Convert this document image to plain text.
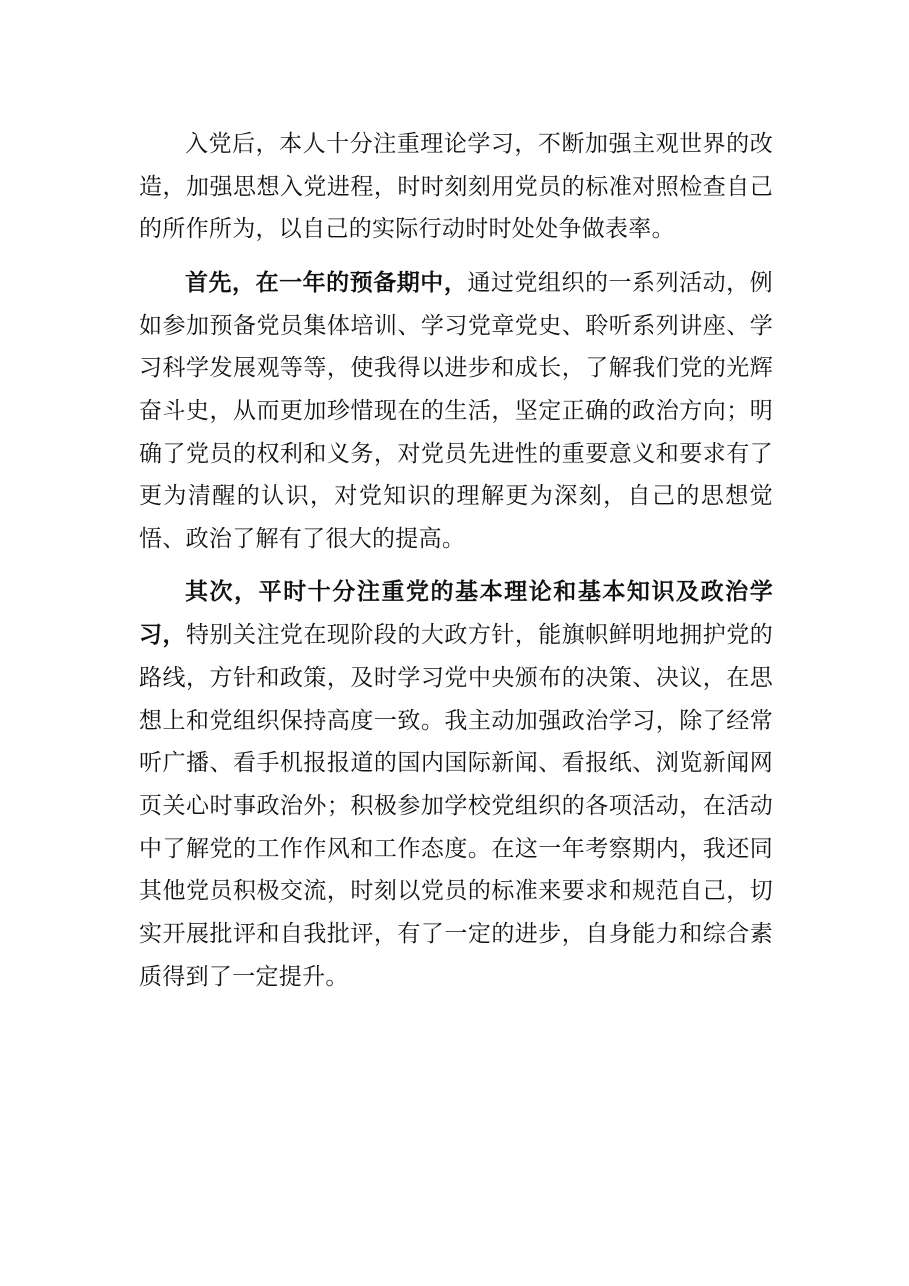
入党后，本人十分注重理论学习，不断加强主观世界的改造，加强思想入党进程，时时刻刻用党员的标准对照检查自己的所作所为，以自己的实际行动时时处处争做表率。

首先，在一年的预备期中，通过党组织的一系列活动，例如参加预备党员集体培训、学习党章党史、聆听系列讲座、学习科学发展观等等，使我得以进步和成长，了解我们党的光辉奋斗史，从而更加珍惜现在的生活，坚定正确的政治方向；明确了党员的权利和义务，对党员先进性的重要意义和要求有了更为清醒的认识，对党知识的理解更为深刻，自己的思想觉悟、政治了解有了很大的提高。

其次，平时十分注重党的基本理论和基本知识及政治学习，特别关注党在现阶段的大政方针，能旗帜鲜明地拥护党的路线，方针和政策，及时学习党中央颁布的决策、决议，在思想上和党组织保持高度一致。我主动加强政治学习，除了经常听广播、看手机报报道的国内国际新闻、看报纸、浏览新闻网页关心时事政治外；积极参加学校党组织的各项活动，在活动中了解党的工作作风和工作态度。在这一年考察期内，我还同其他党员积极交流，时刻以党员的标准来要求和规范自己，切实开展批评和自我批评，有了一定的进步，自身能力和综合素质得到了一定提升。
